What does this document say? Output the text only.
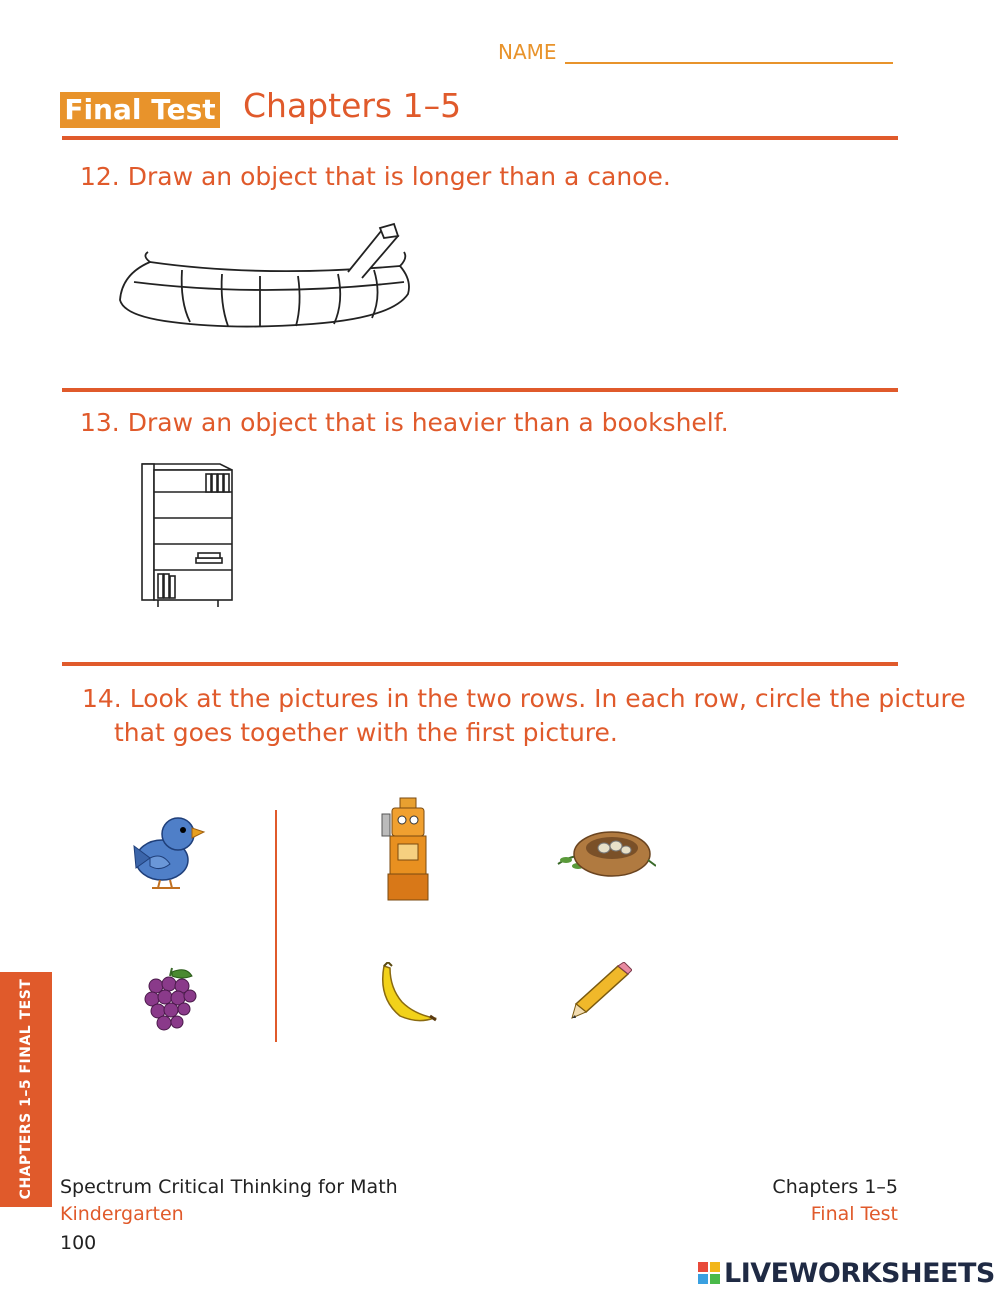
NAME
Final Test Chapters 1–5
12. Draw an object that is longer than a canoe.
13. Draw an object that is heavier than a bookshelf.
14. Look at the pictures in the two rows. In each row, circle the picture
that goes together with the first picture.
CHAPTERS 1–5 FINAL TEST Spectrum Critical Thinking for Math
Kindergarten
100
Chapters 1–5
Final Test
LIVEWORKSHEETS
